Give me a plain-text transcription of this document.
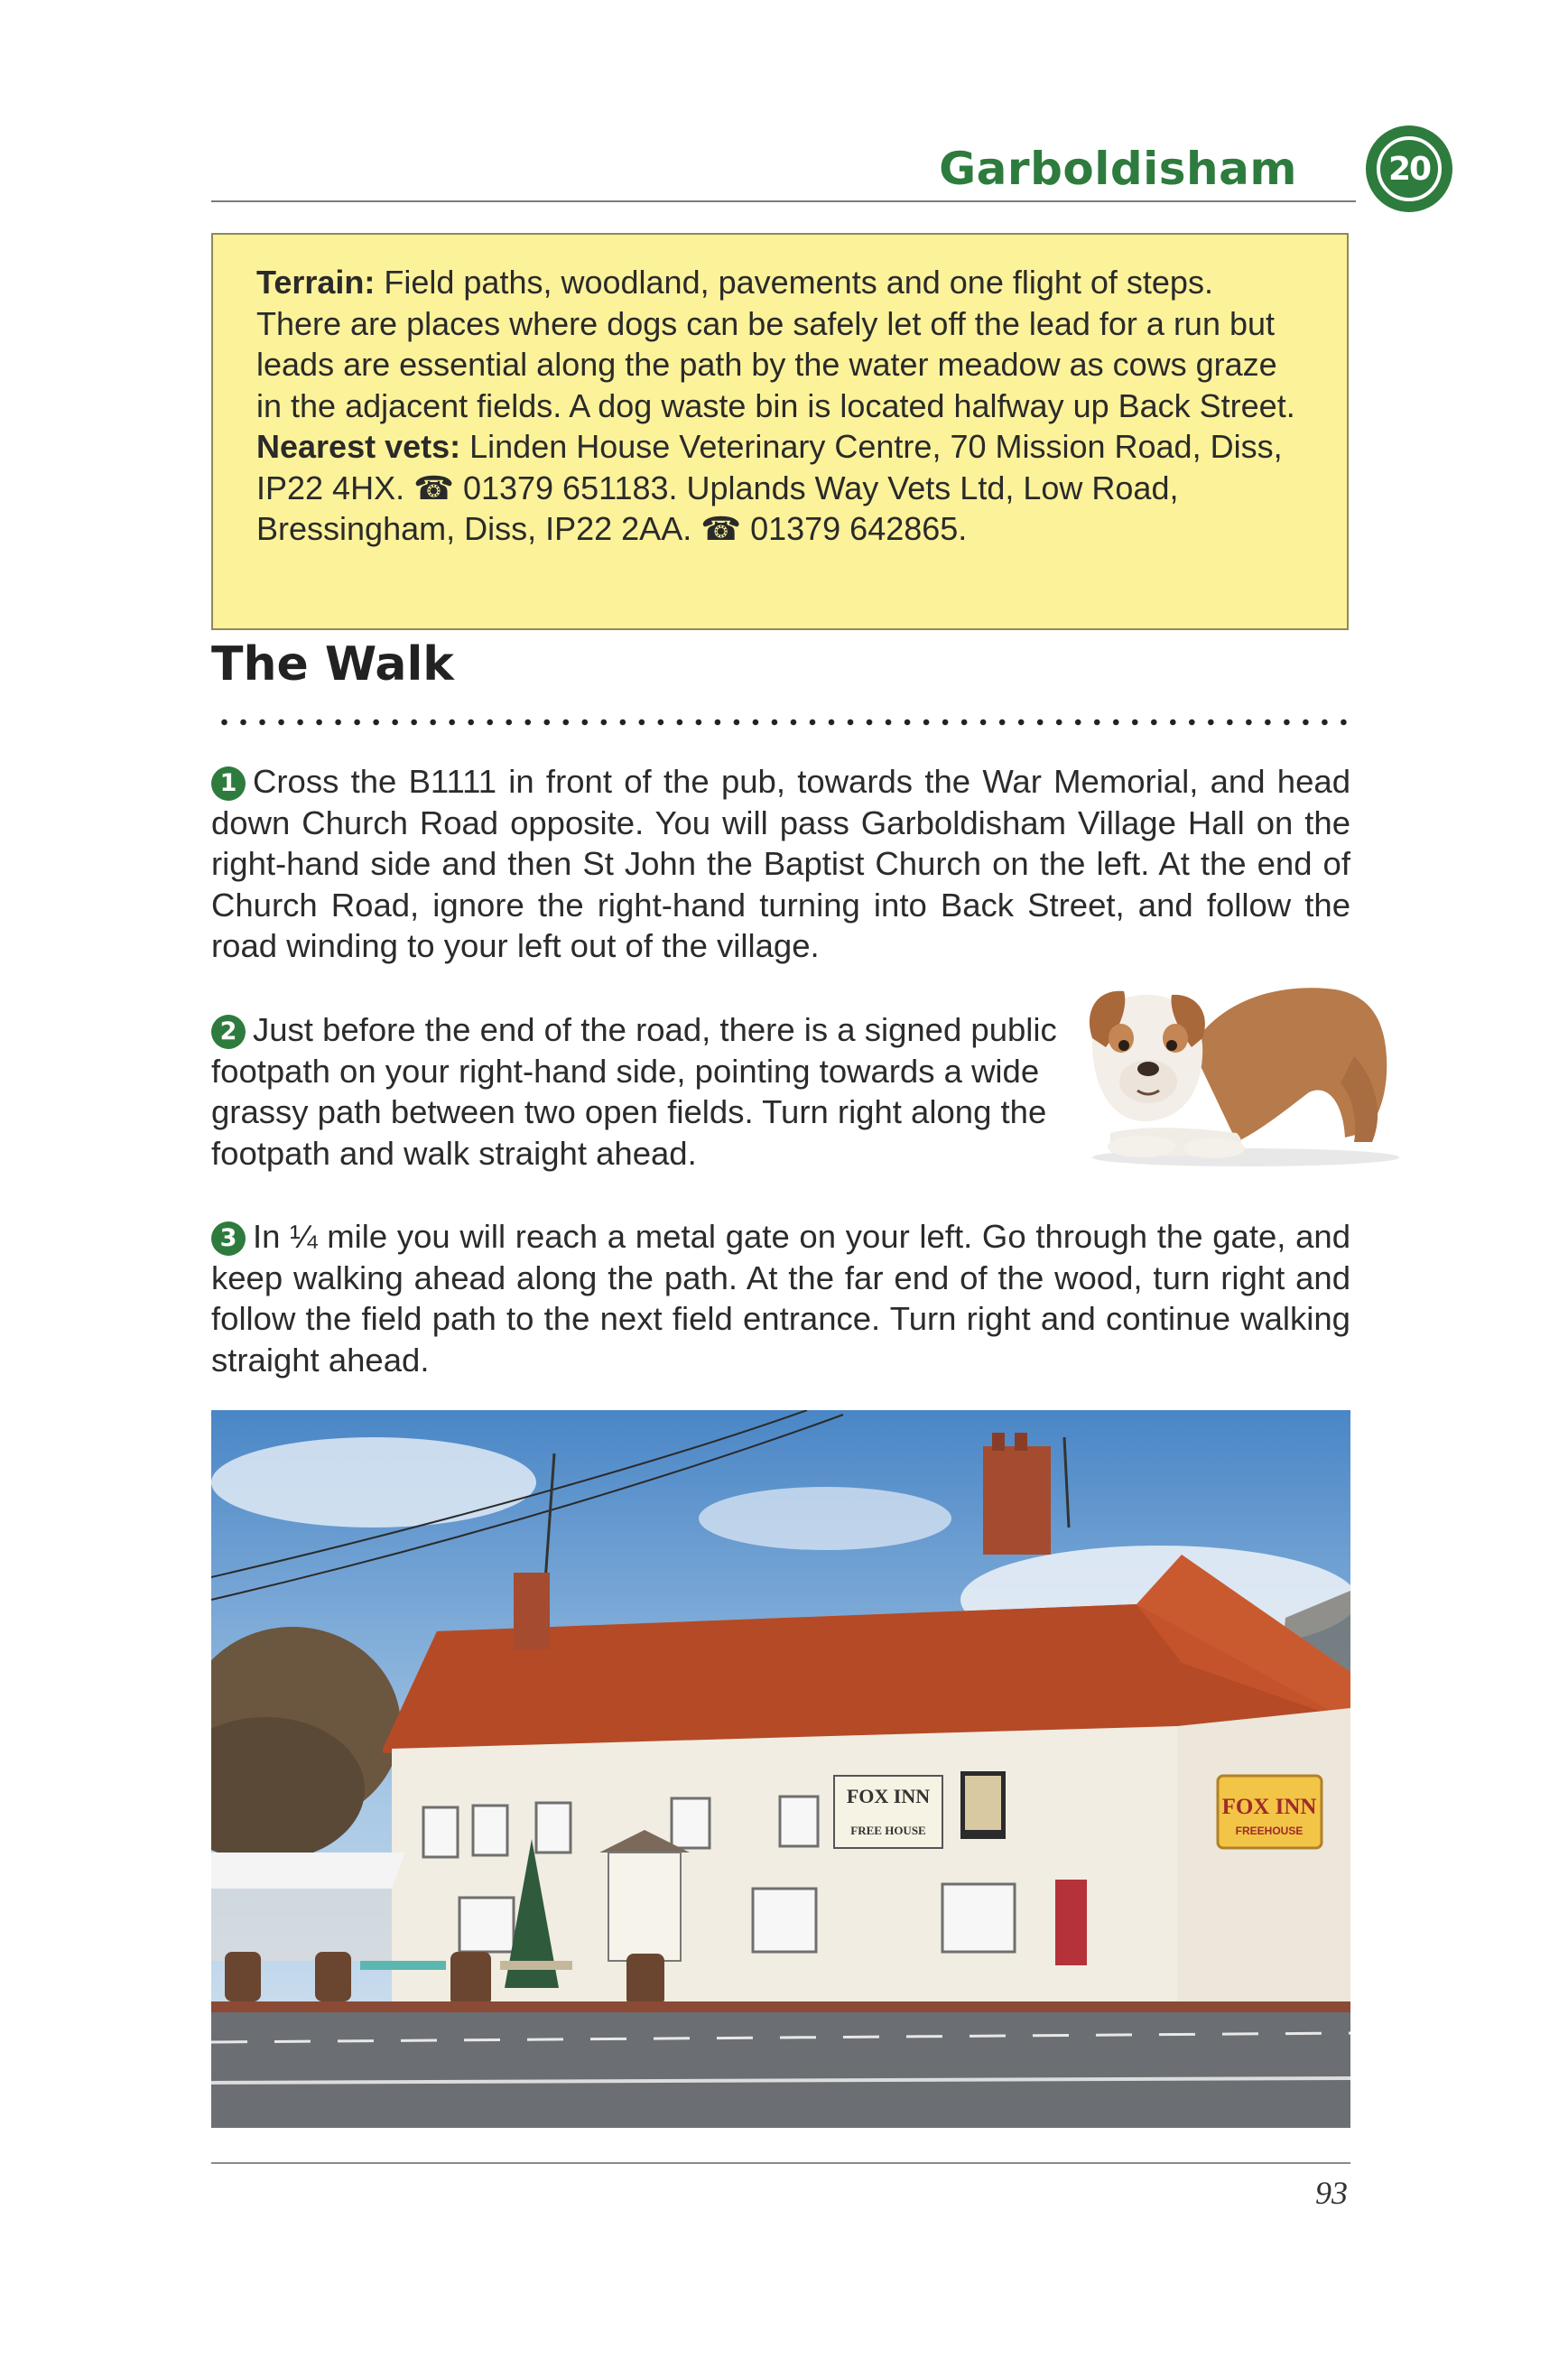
Garboldisham	20

Terrain: Field paths, woodland, pavements and one flight of steps. There are places where dogs can be safely let off the lead for a run but leads are essential along the path by the water meadow as cows graze in the adjacent fields. A dog waste bin is located halfway up Back Street.

Nearest vets: Linden House Veterinary Centre, 70 Mission Road, Diss, IP22 4HX. ☎ 01379 651183. Uplands Way Vets Ltd, Low Road, Bressingham, Diss, IP22 2AA. ☎ 01379 642865.

The Walk

1 Cross the B1111 in front of the pub, towards the War Memorial, and head down Church Road opposite. You will pass Garboldisham Village Hall on the right-hand side and then St John the Baptist Church on the left. At the end of Church Road, ignore the right-hand turning into Back Street, and follow the road winding to your left out of the village.

2 Just before the end of the road, there is a signed public footpath on your right-hand side, pointing towards a wide grassy path between two open fields. Turn right along the footpath and walk straight ahead.

3 In ¼ mile you will reach a metal gate on your left. Go through the gate, and keep walking ahead along the path. At the far end of the wood, turn right and follow the field path to the next field entrance. Turn right and continue walking straight ahead.

FOX INN
FREE HOUSE
FOX INN
FREEHOUSE
93
